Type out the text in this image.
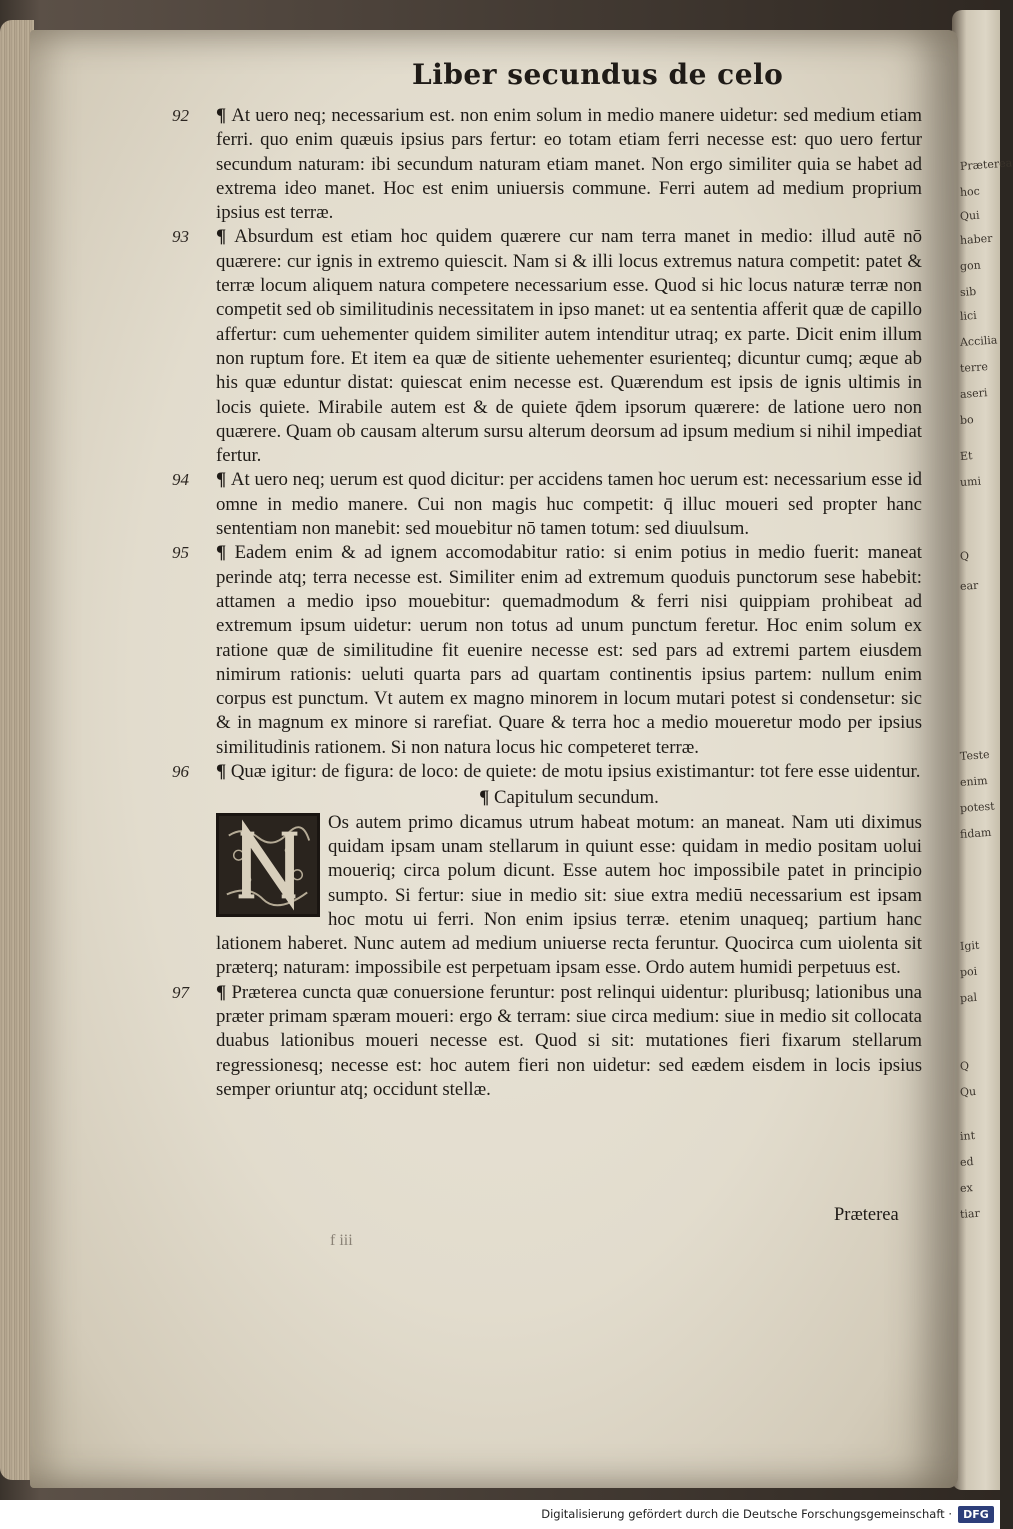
Præterea
hoc
Qui
haber
gon
sib
lici
Accilia
terre
aseri
bo
Et
umi
Q
ear
Teste
enim
potest
fidam
Igit
poi
pal
Q
Qu
int
ed
ex
tiar
Liber secundus de celo

92 ¶ At uero neq; necessarium est. non enim solum in medio manere uidetur: sed medium etiam ferri. quo enim quæuis ipsius pars fertur: eo totam etiam ferri necesse est: quo uero fertur secundum naturam: ibi secundum naturam etiam manet. Non ergo similiter quia se habet ad extrema ideo manet. Hoc est enim uniuersis commune. Ferri autem ad medium proprium ipsius est terræ.

93 ¶ Absurdum est etiam hoc quidem quærere cur nam terra manet in medio: illud autē nō quærere: cur ignis in extremo quiescit. Nam si & illi locus extremus natura competit: patet & terræ locum aliquem natura competere necessarium esse. Quod si hic locus naturæ terræ non competit sed ob similitudinis necessitatem in ipso manet: ut ea sententia afferit quæ de capillo affertur: cum uehementer quidem similiter autem intenditur utraq; ex parte. Dicit enim illum non ruptum fore. Et item ea quæ de sitiente uehementer esurienteq; dicuntur cumq; æque ab his quæ eduntur distat: quiescat enim necesse est. Quærendum est ipsis de ignis ultimis in locis quiete. Mirabile autem est & de quiete q̄dem ipsorum quærere: de latione uero non quærere. Quam ob causam alterum sursu alterum deorsum ad ipsum medium si nihil impediat fertur.

94 ¶ At uero neq; uerum est quod dicitur: per accidens tamen hoc uerum est: necessarium esse id omne in medio manere. Cui non magis huc competit: q̄ illuc moueri sed propter hanc sententiam non manebit: sed mouebitur nō tamen totum: sed diuulsum.

95 ¶ Eadem enim & ad ignem accomodabitur ratio: si enim potius in medio fuerit: maneat perinde atq; terra necesse est. Similiter enim ad extremum quoduis punctorum sese habebit: attamen a medio ipso mouebitur: quemadmodum & ferri nisi quippiam prohibeat ad extremum ipsum uidetur: uerum non totus ad unum punctum feretur. Hoc enim solum ex ratione quæ de similitudine fit euenire necesse est: sed pars ad extremi partem eiusdem nimirum rationis: ueluti quarta pars ad quartam continentis ipsius partem: nullum enim corpus est punctum. Vt autem ex magno minorem in locum mutari potest si condensetur: sic & in magnum ex minore si rarefiat. Quare & terra hoc a medio moueretur modo per ipsius similitudinis rationem. Si non natura locus hic competeret terræ.

96 ¶ Quæ igitur: de figura: de loco: de quiete: de motu ipsius existimantur: tot fere esse uidentur.

¶ Capitulum secundum.

Os autem primo dicamus utrum habeat motum: an maneat. Nam uti diximus quidam ipsam unam stellarum in quiunt esse: quidam in medio positam uolui moueriq; circa polum dicunt. Esse autem hoc impossibile patet in principio sumpto. Si fertur: siue in medio sit: siue extra mediū necessarium est ipsam hoc motu ui ferri. Non enim ipsius terræ. etenim unaqueq; partium hanc lationem haberet. Nunc autem ad medium uniuerse recta feruntur. Quocirca cum uiolenta sit præterq; naturam: impossibile est perpetuam ipsam esse. Ordo autem humidi perpetuus est.

97 ¶ Præterea cuncta quæ conuersione feruntur: post relinqui uidentur: pluribusq; lationibus una præter primam spæram moueri: ergo & terram: siue circa medium: siue in medio sit collocata duabus lationibus moueri necesse est. Quod si sit: mutationes fieri fixarum stellarum regressionesq; necesse est: hoc autem fieri non uidetur: sed eædem eisdem in locis ipsius semper oriuntur atq; occidunt stellæ.

f iii
Præterea
Digitalisierung gefördert durch die Deutsche Forschungsgemeinschaft ·	DFG
